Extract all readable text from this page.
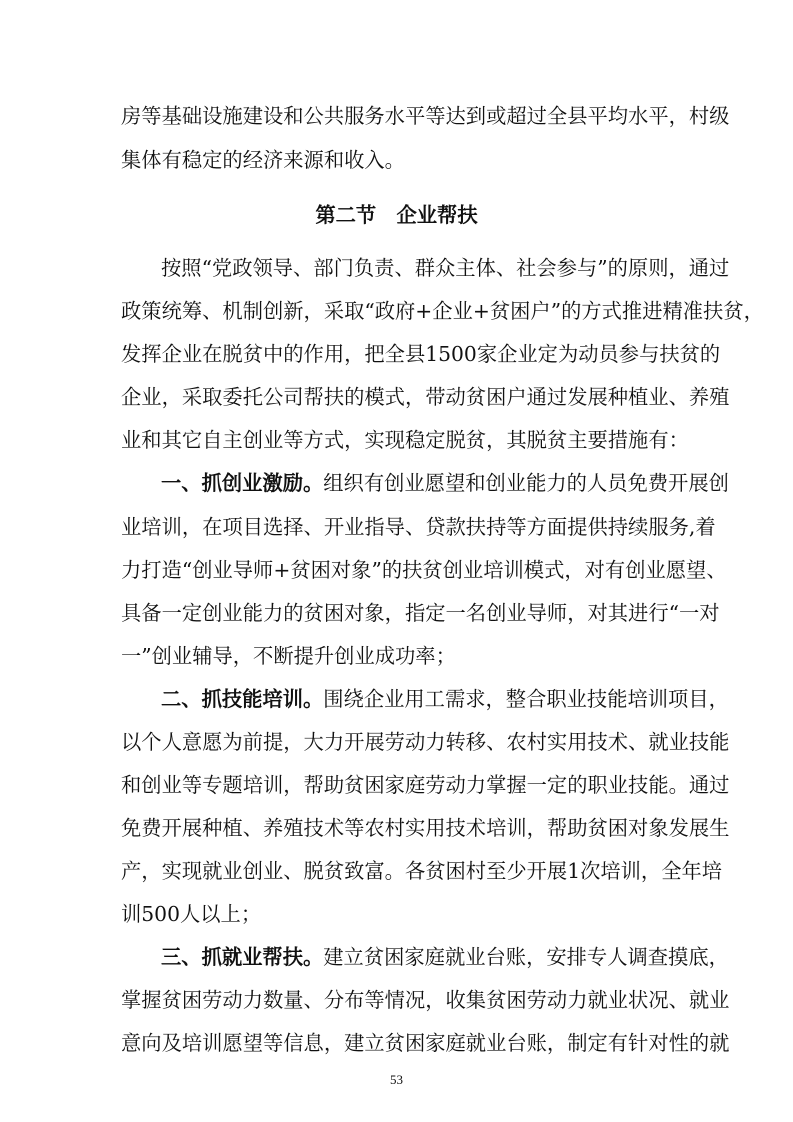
房等基础设施建设和公共服务水平等达到或超过全县平均水平，村级
集体有稳定的经济来源和收入。
第二节　企业帮扶
按照“党政领导、部门负责、群众主体、社会参与”的原则，通过
政策统筹、机制创新，采取“政府+企业+贫困户”的方式推进精准扶贫，
发挥企业在脱贫中的作用，把全县1500家企业定为动员参与扶贫的
企业，采取委托公司帮扶的模式，带动贫困户通过发展种植业、养殖
业和其它自主创业等方式，实现稳定脱贫，其脱贫主要措施有：
一、抓创业激励。组织有创业愿望和创业能力的人员免费开展创
业培训，在项目选择、开业指导、贷款扶持等方面提供持续服务,着
力打造“创业导师+贫困对象”的扶贫创业培训模式，对有创业愿望、
具备一定创业能力的贫困对象，指定一名创业导师，对其进行“一对
一”创业辅导，不断提升创业成功率；
二、抓技能培训。围绕企业用工需求，整合职业技能培训项目，
以个人意愿为前提，大力开展劳动力转移、农村实用技术、就业技能
和创业等专题培训，帮助贫困家庭劳动力掌握一定的职业技能。通过
免费开展种植、养殖技术等农村实用技术培训，帮助贫困对象发展生
产，实现就业创业、脱贫致富。各贫困村至少开展1次培训，全年培
训500人以上；
三、抓就业帮扶。建立贫困家庭就业台账，安排专人调查摸底，
掌握贫困劳动力数量、分布等情况，收集贫困劳动力就业状况、就业
意向及培训愿望等信息，建立贫困家庭就业台账，制定有针对性的就
53
